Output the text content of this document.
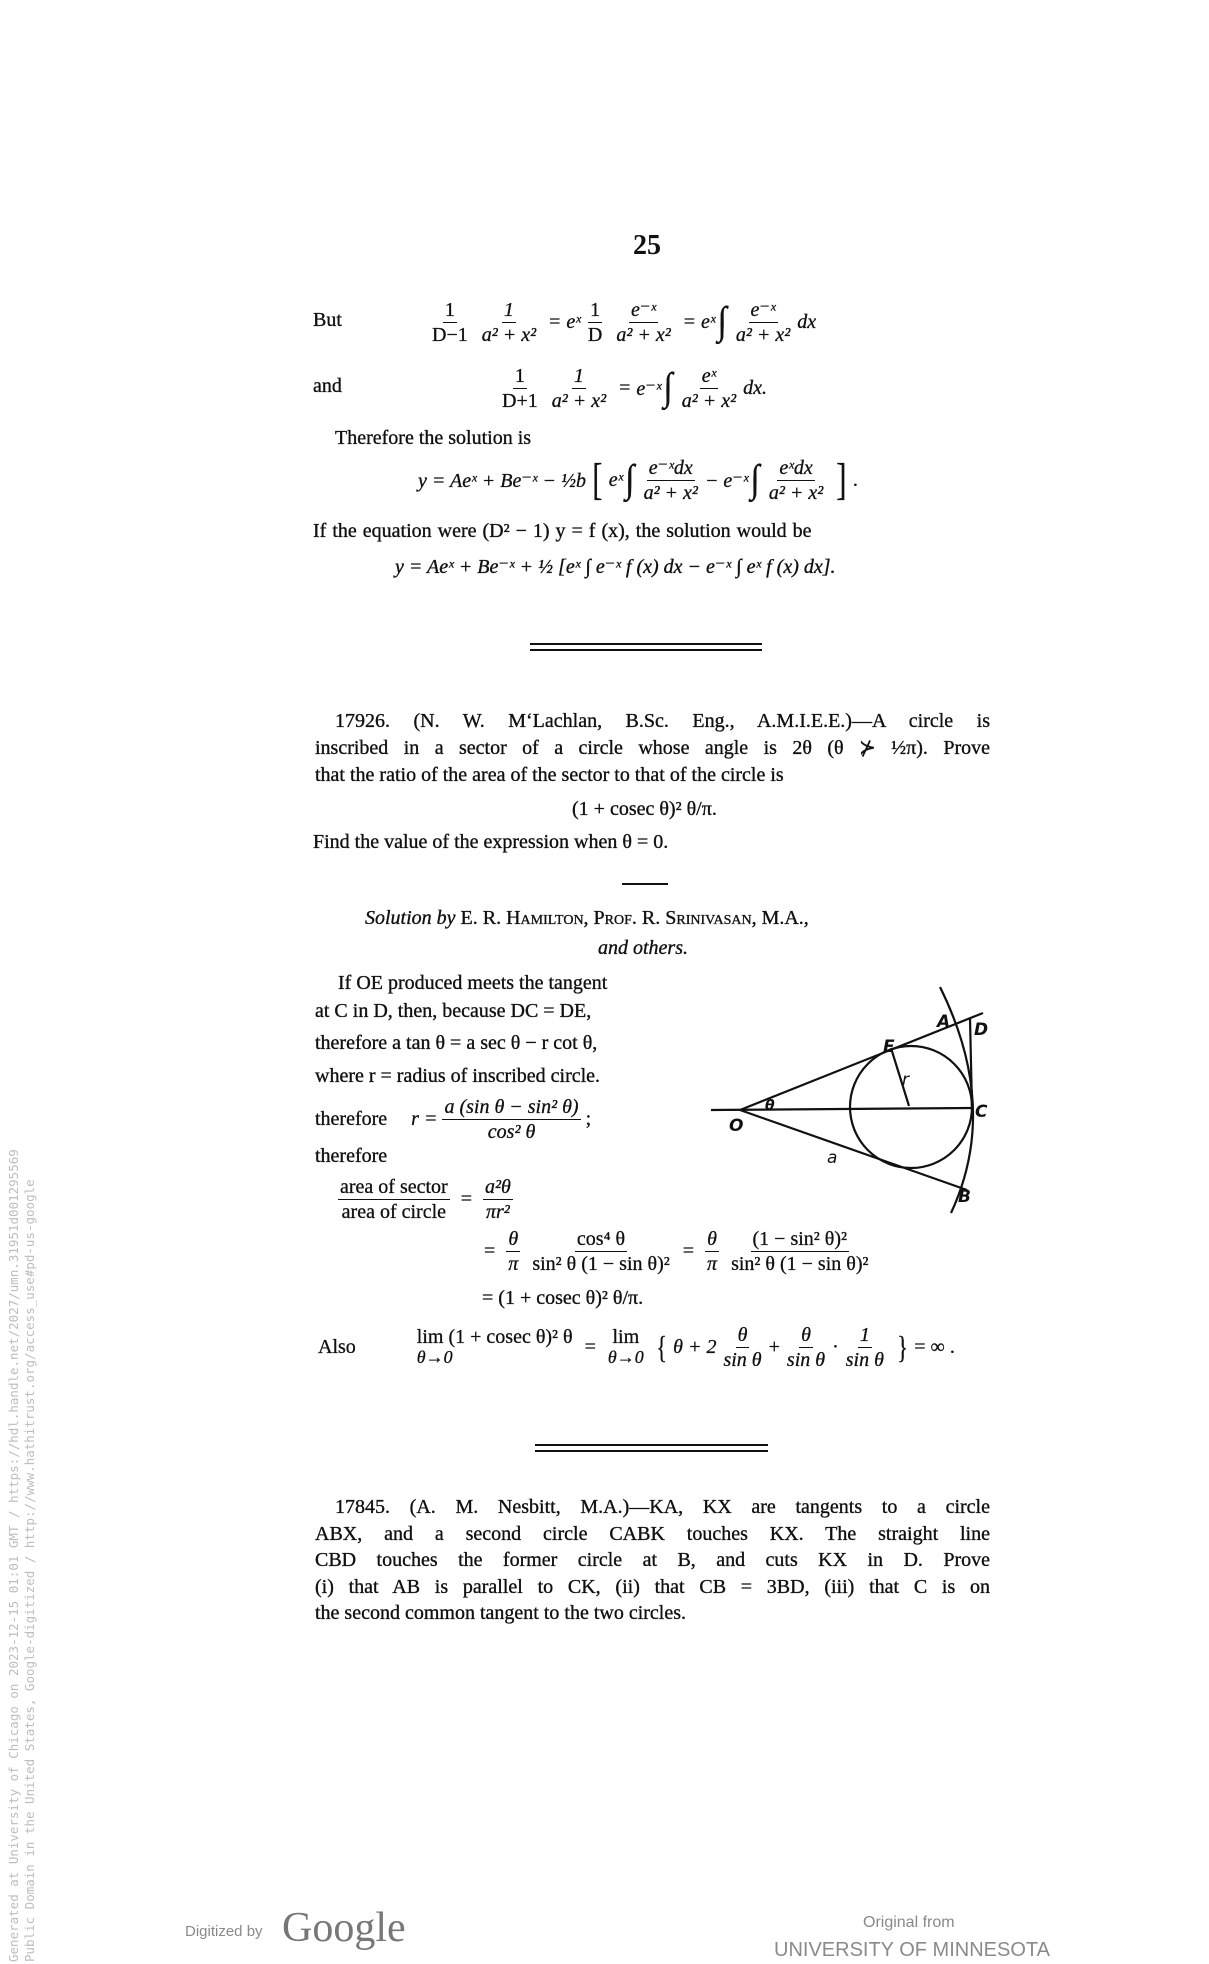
25
But	$\frac{1}{D-1} \frac{1}{\text{a² + x²}}$ = eˣ $\frac{1}{D} \frac{\text{e⁻ˣ}}{\text{a² + x²}}$ = eˣ ∫ $\frac{\text{e⁻ˣ}}{\text{a² + x²}}$ dx
and	$\frac{1}{D+1} \frac{1}{\text{a² + x²}}$ = e⁻ˣ ∫ $\frac{\text{eˣ}}{\text{a² + x²}}$ dx.
Therefore the solution is
y = Aeˣ + Be⁻ˣ − ½b [ eˣ ∫ $\frac{\text{e⁻ˣdx}}{\text{a² + x²}}$ − e⁻ˣ ∫ $\frac{\text{eˣdx}}{\text{a² + x²}}$ ] .
If the equation were (D² − 1) y = f (x), the solution would be
y = Aeˣ + Be⁻ˣ + ½ [eˣ ∫ e⁻ˣ f (x) dx − e⁻ˣ ∫ eˣ f (x) dx].
17926. (N. W. M‘Lachlan, B.Sc. Eng., A.M.I.E.E.)—A circle is
inscribed in a sector of a circle whose angle is 2θ (θ ⊁ ½π). Prove
that the ratio of the area of the sector to that of the circle is
(1 + cosec θ)² θ/π.
Find the value of the expression when θ = 0.
Solution by E. R. Hamilton, Prof. R. Srinivasan, M.A.,
and others.
If OE produced meets the tangent
at C in D, then, because DC = DE,
therefore a tan θ = a sec θ − r cot θ,
where r = radius of inscribed circle.
therefore $r = \frac{\text{a (sin θ − sin² θ)}}{\text{cos² θ}}$ ;
therefore
$\frac{\text{area of sector}}{\text{area of circle}} = \frac{\text{a²θ}}{\text{πr²}}$
= $\frac{\theta}{\pi} \frac{\text{cos⁴ θ}}{\text{sin² θ (1 − sin θ)²}} = \frac{\theta}{\pi} \frac{\text{(1 − sin² θ)²}}{\text{sin² θ (1 − sin θ)²}}$
= (1 + cosec θ)² θ/π.
Also	lim (1 + cosec θ)² θ
θ→0	= lim
θ→0 { $\theta + 2 \frac{\theta}{\text{sin θ}} + \frac{\theta}{\text{sin θ}} \cdot \frac{1}{\text{sin θ}}$ } = ∞ .
A D
E
r
θ
O
C
a
B
17845. (A. M. Nesbitt, M.A.)—KA, KX are tangents to a circle
ABX, and a second circle CABK touches KX. The straight line
CBD touches the former circle at B, and cuts KX in D. Prove
(i) that AB is parallel to CK, (ii) that CB = 3BD, (iii) that C is on
the second common tangent to the two circles.
Generated at University of Chicago on 2023-12-15 01:01 GMT / https://hdl.handle.net/2027/umn.31951d001295569 Public Domain in the United States, Google-digitized / http://www.hathitrust.org/access_use#pd-us-google	Digitized by Google	Original from
UNIVERSITY OF MINNESOTA
